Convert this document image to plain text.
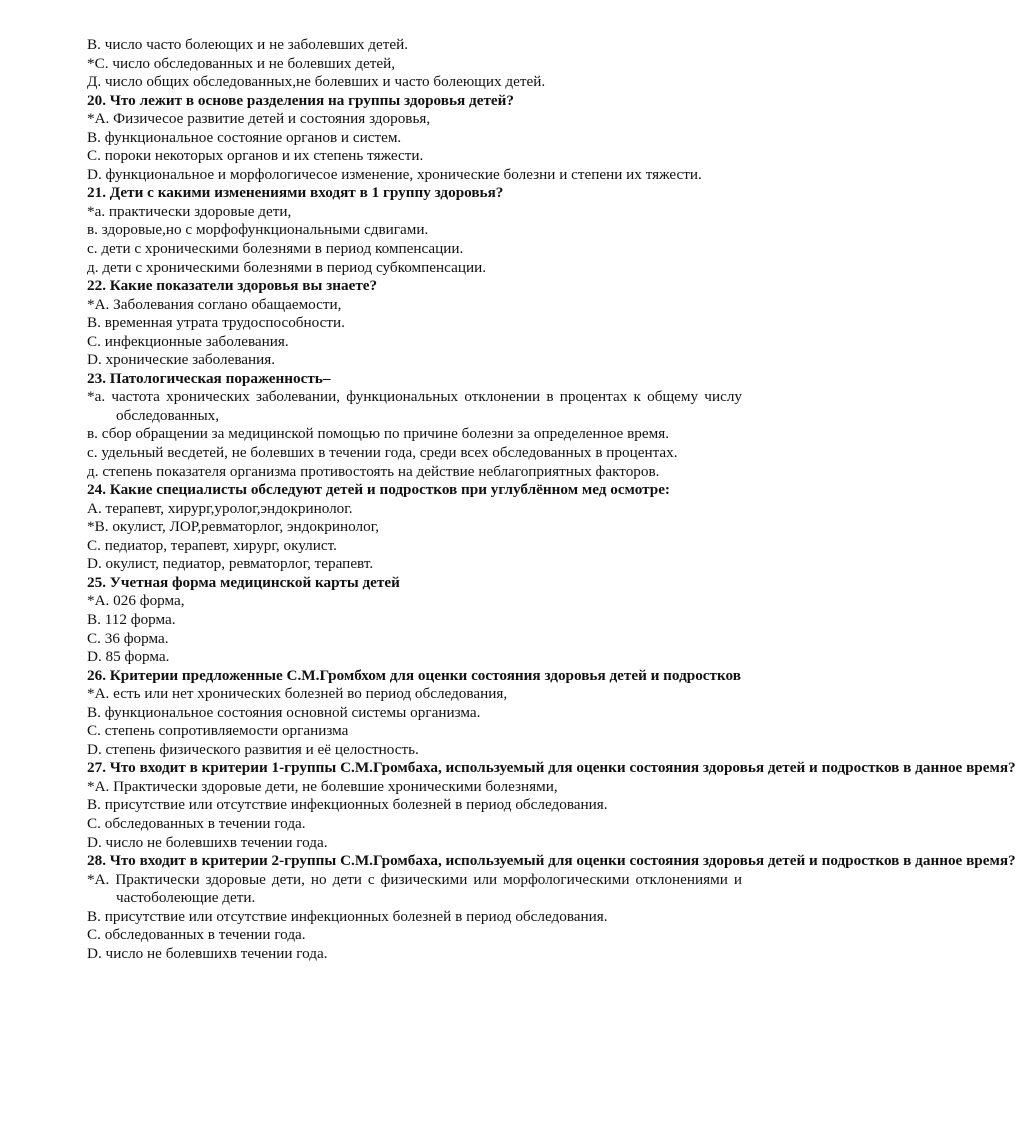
В. число часто болеющих и не заболевших детей.
*С. число обследованных и не болевших детей,
Д. число общих обследованных,не болевших и часто болеющих детей.
20. Что лежит в основе разделения на группы здоровья детей?
*А. Физичесое развитие детей и состояния здоровья,
В. функциональное состояние органов и систем.
С. пороки некоторых органов и их степень тяжести.
D. функциональное и морфологичесое изменение, хронические болезни и степени их тяжести.
21. Дети с какими изменениями входят в 1 группу здоровья?
*а. практически здоровые дети,
в. здоровые,но с морфофункциональными сдвигами.
с. дети с хроническими болезнями в период компенсации.
д. дети с хроническими болезнями в период субкомпенсации.
22. Какие показатели здоровья вы знаете?
*А. Заболевания согланo обащаемости,
В. временная утрата трудоспособности.
С. инфекционные заболевания.
D. хронические заболевания.
23. Патологическая пораженность–
*а. частота хронических заболевании, функциональных отклонении в процентах к общему числу обследованных,
в. сбор обращении за медицинской помощью по причине болезни за определенное время.
с. удельный весдетей, не болевших в течении года, среди всех обследованных в процентах.
д. степень показателя организма противостоять на действие неблагоприятных факторов.
24. Какие специалисты обследуют детей и подростков при углублённом мед осмотре:
А. терапевт, хирург,уролог,эндокринолог.
*В. окулист, ЛОР,ревматорлог, эндокринолог,
С. педиатор, терапевт, хирург, окулист.
D. окулист, педиатор, ревматорлог, терапевт.
25. Учетная форма медицинской карты детей
*А. 026 форма,
В. 112 форма.
С. 36 форма.
D. 85 форма.
26. Критерии предложенные С.М.Громбхом для оценки состояния здоровья детей и подростков
*А. есть или нет хронических болезней во период обследования,
В. функциональное состояния основной системы организма.
С. степень сопротивляемости организма
D. степень физического развития и её целостность.
27. Что входит в критерии 1-группы С.М.Громбаха, используемый для оценки состояния здоровья детей и подростков в данное время?
*А. Практически здоровые дети, не болевшие хроническими болезнями,
В. присутствие или отсутствие инфекционных болезней в период обследования.
С. обследованных в течении года.
D. число не болевшихв течении года.
28. Что входит в критерии 2-группы С.М.Громбаха, используемый для оценки состояния здоровья детей и подростков в данное время?
*А. Практически здоровые дети, но дети с физическими или морфологическими отклонениями и частоболеющие дети.
В. присутствие или отсутствие инфекционных болезней в период обследования.
С. обследованных в течении года.
D. число не болевшихв течении года.
